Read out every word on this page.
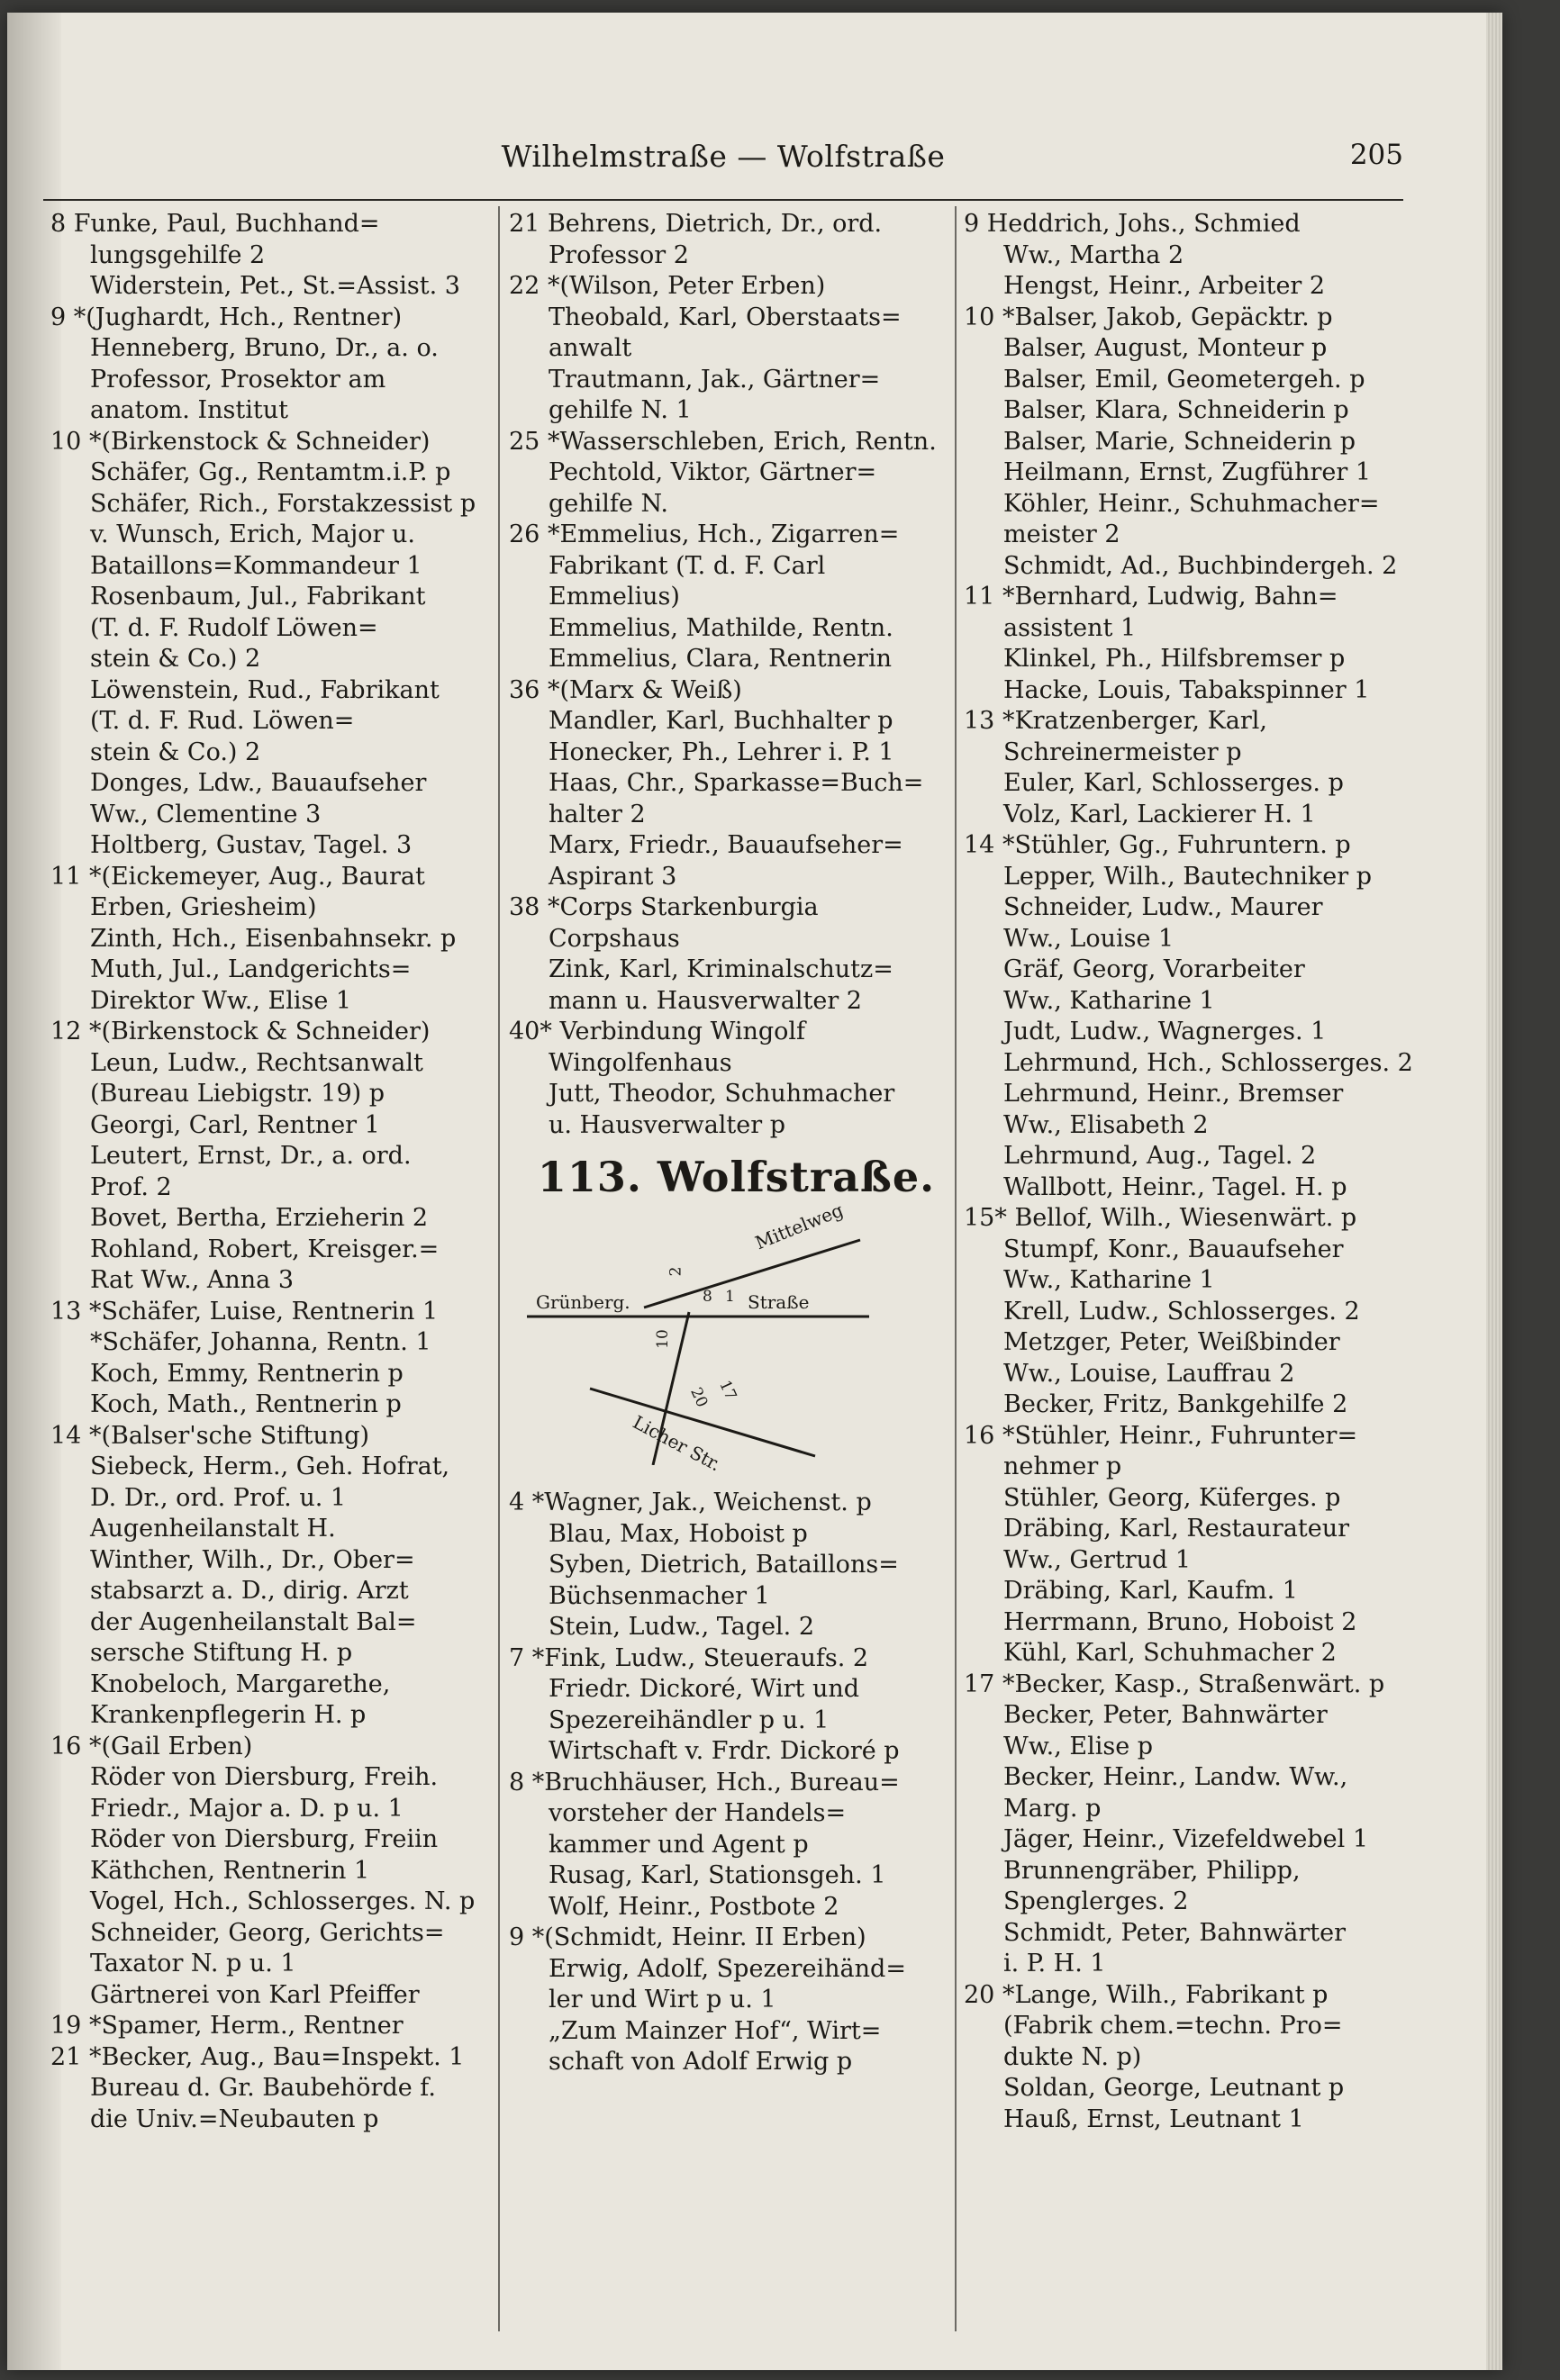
Wilhelmstraße — Wolfstraße	205
8 Funke, Paul, Buchhand=
lungsgehilfe 2
Widerstein, Pet., St.=Assist. 3
9 *(Jughardt, Hch., Rentner)
Henneberg, Bruno, Dr., a. o.
Professor, Prosektor am
anatom. Institut
10 *(Birkenstock & Schneider)
Schäfer, Gg., Rentamtm.i.P. p
Schäfer, Rich., Forstakzessist p
v. Wunsch, Erich, Major u.
Bataillons=Kommandeur 1
Rosenbaum, Jul., Fabrikant
(T. d. F. Rudolf Löwen=
stein & Co.) 2
Löwenstein, Rud., Fabrikant
(T. d. F. Rud. Löwen=
stein & Co.) 2
Donges, Ldw., Bauaufseher
Ww., Clementine 3
Holtberg, Gustav, Tagel. 3
11 *(Eickemeyer, Aug., Baurat
Erben, Griesheim)
Zinth, Hch., Eisenbahnsekr. p
Muth, Jul., Landgerichts=
Direktor Ww., Elise 1
12 *(Birkenstock & Schneider)
Leun, Ludw., Rechtsanwalt
(Bureau Liebigstr. 19) p
Georgi, Carl, Rentner 1
Leutert, Ernst, Dr., a. ord.
Prof. 2
Bovet, Bertha, Erzieherin 2
Rohland, Robert, Kreisger.=
Rat Ww., Anna 3
13 *Schäfer, Luise, Rentnerin 1
*Schäfer, Johanna, Rentn. 1
Koch, Emmy, Rentnerin p
Koch, Math., Rentnerin p
14 *(Balser'sche Stiftung)
Siebeck, Herm., Geh. Hofrat,
D. Dr., ord. Prof. u. 1
Augenheilanstalt H.
Winther, Wilh., Dr., Ober=
stabsarzt a. D., dirig. Arzt
der Augenheilanstalt Bal=
sersche Stiftung H. p
Knobeloch, Margarethe,
Krankenpflegerin H. p
16 *(Gail Erben)
Röder von Diersburg, Freih.
Friedr., Major a. D. p u. 1
Röder von Diersburg, Freiin
Käthchen, Rentnerin 1
Vogel, Hch., Schlosserges. N. p
Schneider, Georg, Gerichts=
Taxator N. p u. 1
Gärtnerei von Karl Pfeiffer
19 *Spamer, Herm., Rentner
21 *Becker, Aug., Bau=Inspekt. 1
Bureau d. Gr. Baubehörde f.
die Univ.=Neubauten p
21 Behrens, Dietrich, Dr., ord.
Professor 2
22 *(Wilson, Peter Erben)
Theobald, Karl, Oberstaats=
anwalt
Trautmann, Jak., Gärtner=
gehilfe N. 1
25 *Wasserschleben, Erich, Rentn.
Pechtold, Viktor, Gärtner=
gehilfe N.
26 *Emmelius, Hch., Zigarren=
Fabrikant (T. d. F. Carl
Emmelius)
Emmelius, Mathilde, Rentn.
Emmelius, Clara, Rentnerin
36 *(Marx & Weiß)
Mandler, Karl, Buchhalter p
Honecker, Ph., Lehrer i. P. 1
Haas, Chr., Sparkasse=Buch=
halter 2
Marx, Friedr., Bauaufseher=
Aspirant 3
38 *Corps Starkenburgia
Corpshaus
Zink, Karl, Kriminalschutz=
mann u. Hausverwalter 2
40* Verbindung Wingolf
Wingolfenhaus
Jutt, Theodor, Schuhmacher
u. Hausverwalter p
113. Wolfstraße.
Grünberg.	Straße
Mittelweg
Licher Str.
2
8 1
10
20 17
4 *Wagner, Jak., Weichenst. p
Blau, Max, Hoboist p
Syben, Dietrich, Bataillons=
Büchsenmacher 1
Stein, Ludw., Tagel. 2
7 *Fink, Ludw., Steueraufs. 2
Friedr. Dickoré, Wirt und
Spezereihändler p u. 1
Wirtschaft v. Frdr. Dickoré p
8 *Bruchhäuser, Hch., Bureau=
vorsteher der Handels=
kammer und Agent p
Rusag, Karl, Stationsgeh. 1
Wolf, Heinr., Postbote 2
9 *(Schmidt, Heinr. II Erben)
Erwig, Adolf, Spezereihänd=
ler und Wirt p u. 1
„Zum Mainzer Hof“, Wirt=
schaft von Adolf Erwig p
9 Heddrich, Johs., Schmied
Ww., Martha 2
Hengst, Heinr., Arbeiter 2
10 *Balser, Jakob, Gepäcktr. p
Balser, August, Monteur p
Balser, Emil, Geometergeh. p
Balser, Klara, Schneiderin p
Balser, Marie, Schneiderin p
Heilmann, Ernst, Zugführer 1
Köhler, Heinr., Schuhmacher=
meister 2
Schmidt, Ad., Buchbindergeh. 2
11 *Bernhard, Ludwig, Bahn=
assistent 1
Klinkel, Ph., Hilfsbremser p
Hacke, Louis, Tabakspinner 1
13 *Kratzenberger, Karl,
Schreinermeister p
Euler, Karl, Schlosserges. p
Volz, Karl, Lackierer H. 1
14 *Stühler, Gg., Fuhruntern. p
Lepper, Wilh., Bautechniker p
Schneider, Ludw., Maurer
Ww., Louise 1
Gräf, Georg, Vorarbeiter
Ww., Katharine 1
Judt, Ludw., Wagnerges. 1
Lehrmund, Hch., Schlosserges. 2
Lehrmund, Heinr., Bremser
Ww., Elisabeth 2
Lehrmund, Aug., Tagel. 2
Wallbott, Heinr., Tagel. H. p
15* Bellof, Wilh., Wiesenwärt. p
Stumpf, Konr., Bauaufseher
Ww., Katharine 1
Krell, Ludw., Schlosserges. 2
Metzger, Peter, Weißbinder
Ww., Louise, Lauffrau 2
Becker, Fritz, Bankgehilfe 2
16 *Stühler, Heinr., Fuhrunter=
nehmer p
Stühler, Georg, Küferges. p
Dräbing, Karl, Restaurateur
Ww., Gertrud 1
Dräbing, Karl, Kaufm. 1
Herrmann, Bruno, Hoboist 2
Kühl, Karl, Schuhmacher 2
17 *Becker, Kasp., Straßenwärt. p
Becker, Peter, Bahnwärter
Ww., Elise p
Becker, Heinr., Landw. Ww.,
Marg. p
Jäger, Heinr., Vizefeldwebel 1
Brunnengräber, Philipp,
Spenglerges. 2
Schmidt, Peter, Bahnwärter
i. P. H. 1
20 *Lange, Wilh., Fabrikant p
(Fabrik chem.=techn. Pro=
dukte N. p)
Soldan, George, Leutnant p
Hauß, Ernst, Leutnant 1
